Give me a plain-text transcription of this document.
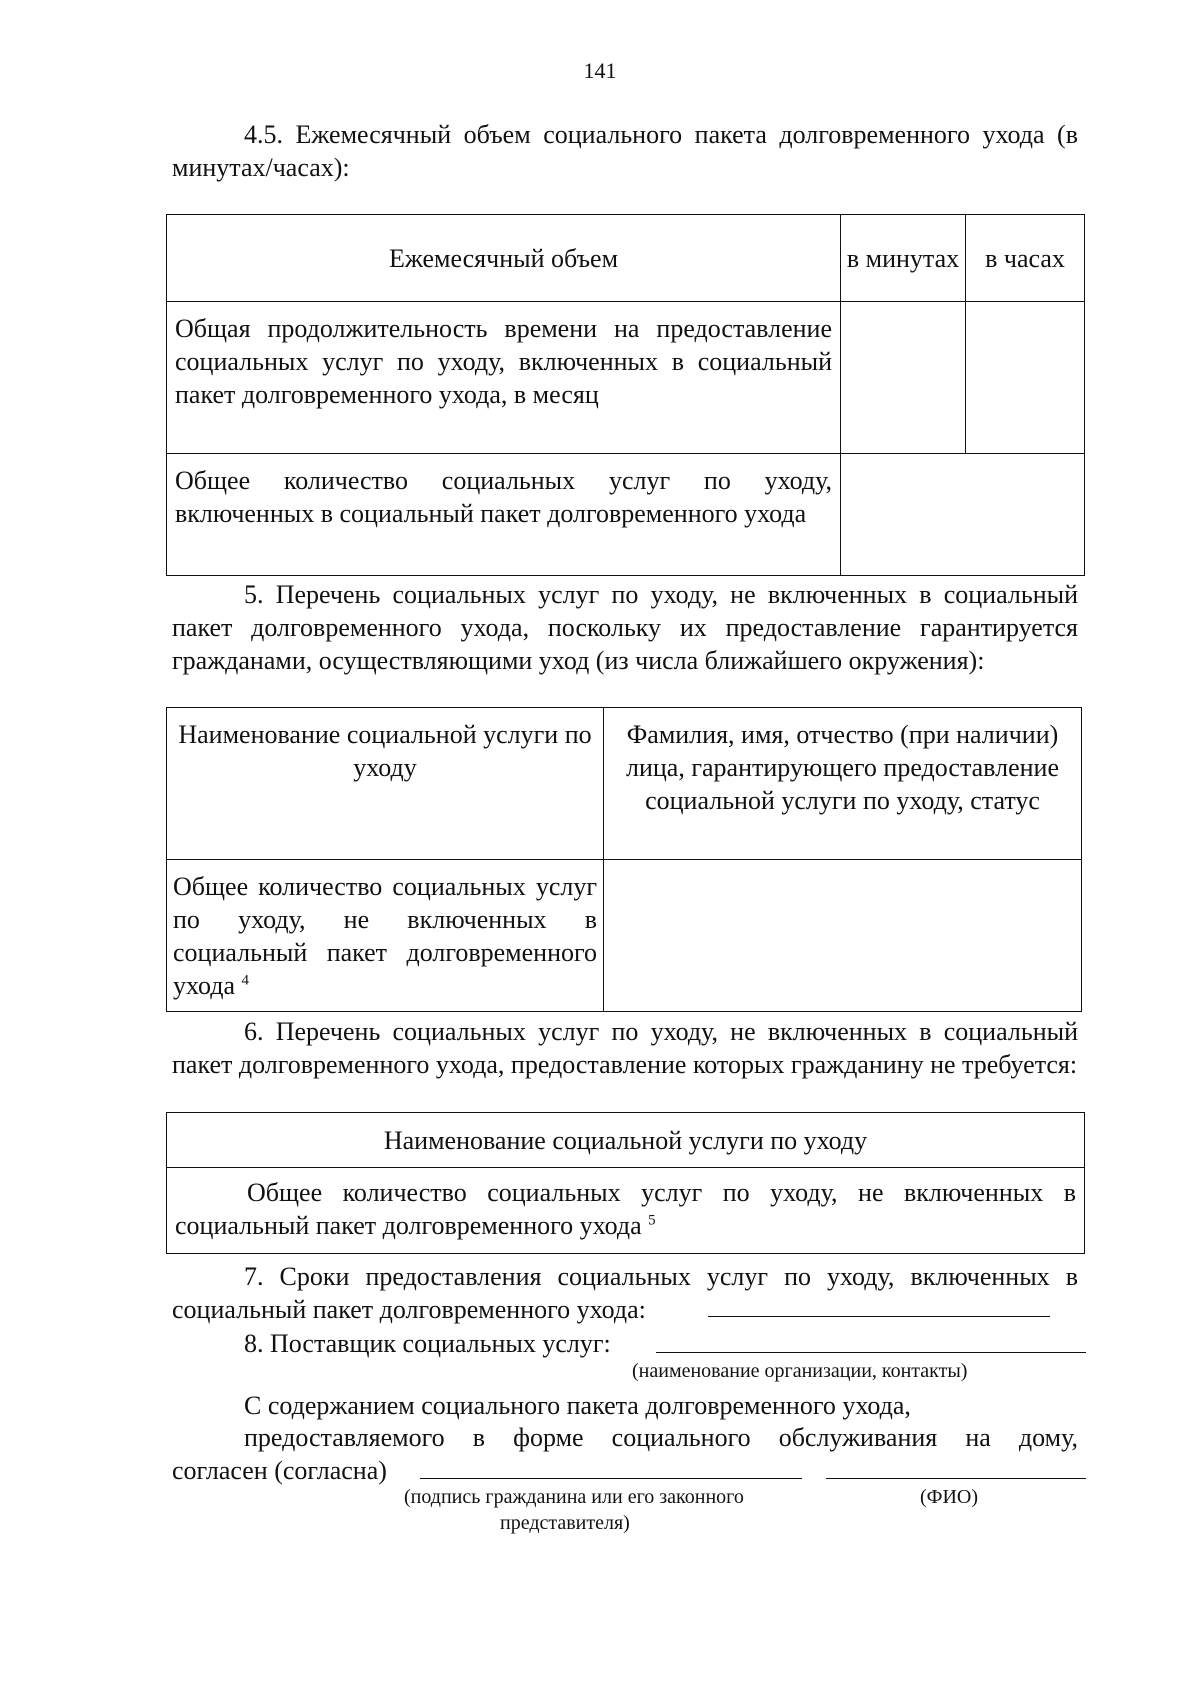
141

4.5. Ежемесячный объем социального пакета долговременного ухода (в минутах/часах):

Ежемесячный объем	в минутах	в часах
Общая продолжительность времени на предоставление социальных услуг по уходу, включенных в социальный пакет долговременного ухода, в месяц		
Общее количество социальных услуг по уходу, включенных в социальный пакет долговременного ухода		

5. Перечень социальных услуг по уходу, не включенных в социальный пакет долговременного ухода, поскольку их предоставление гарантируется гражданами, осуществляющими уход (из числа ближайшего окружения):

Наименование социальной услуги по уходу	Фамилия, имя, отчество (при наличии) лица, гарантирующего предоставление социальной услуги по уходу, статус
Общее количество социальных услуг по уходу, не включенных в социальный пакет долговременного ухода $^4$	

6. Перечень социальных услуг по уходу, не включенных в социальный пакет долговременного ухода, предоставление которых гражданину не требуется:

Наименование социальной услуги по уходу
Общее количество социальных услуг по уходу, не включенных в социальный пакет долговременного ухода $^5$

7. Сроки предоставления социальных услуг по уходу, включенных в социальный пакет долговременного ухода:

8. Поставщик социальных услуг:
(наименование организации, контакты)
С содержанием социального пакета долговременного ухода,

предоставляемого в форме социального обслуживания на дому,

согласен (согласна)
(подпись гражданина или его законного
представителя)
(ФИО)
